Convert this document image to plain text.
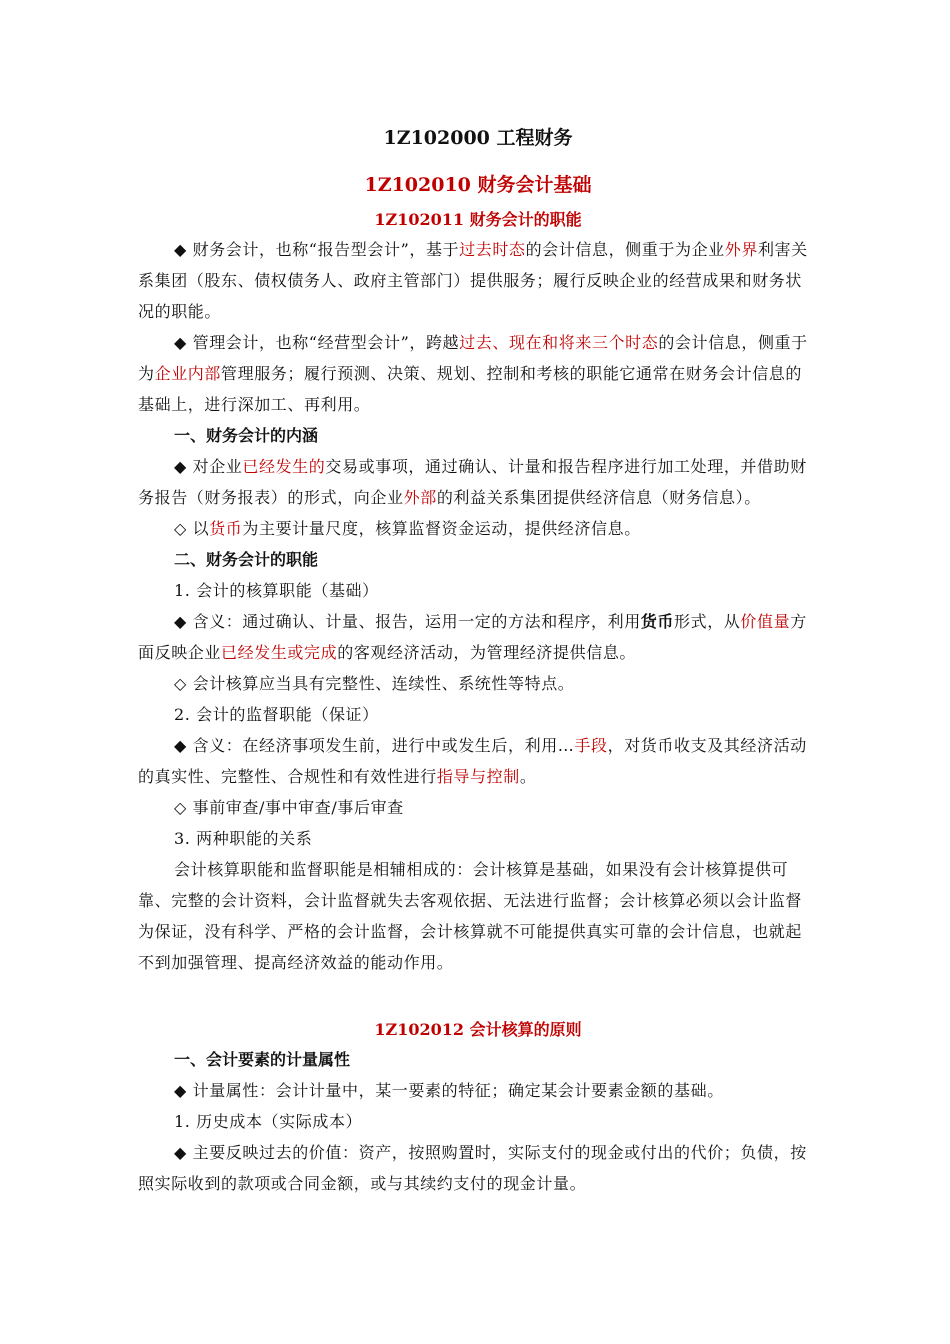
1Z102000 工程财务
1Z102010 财务会计基础
1Z102011 财务会计的职能

◆ 财务会计，也称“报告型会计”，基于过去时态的会计信息，侧重于为企业外界利害关系集团（股东、债权债务人、政府主管部门）提供服务；履行反映企业的经营成果和财务状况的职能。

◆ 管理会计，也称“经营型会计”，跨越过去、现在和将来三个时态的会计信息，侧重于为企业内部管理服务；履行预测、决策、规划、控制和考核的职能它通常在财务会计信息的基础上，进行深加工、再利用。

一、财务会计的内涵

◆ 对企业已经发生的交易或事项，通过确认、计量和报告程序进行加工处理，并借助财务报告（财务报表）的形式，向企业外部的利益关系集团提供经济信息（财务信息）。

◇ 以货币为主要计量尺度，核算监督资金运动，提供经济信息。

二、财务会计的职能

1. 会计的核算职能（基础）

◆ 含义：通过确认、计量、报告，运用一定的方法和程序，利用货币形式，从价值量方面反映企业已经发生或完成的客观经济活动，为管理经济提供信息。

◇ 会计核算应当具有完整性、连续性、系统性等特点。

2. 会计的监督职能（保证）

◆ 含义：在经济事项发生前，进行中或发生后，利用…手段，对货币收支及其经济活动的真实性、完整性、合规性和有效性进行指导与控制。

◇ 事前审查/事中审查/事后审查

3. 两种职能的关系

会计核算职能和监督职能是相辅相成的：会计核算是基础，如果没有会计核算提供可靠、完整的会计资料，会计监督就失去客观依据、无法进行监督；会计核算必须以会计监督为保证，没有科学、严格的会计监督，会计核算就不可能提供真实可靠的会计信息，也就起不到加强管理、提高经济效益的能动作用。

1Z102012 会计核算的原则
一、会计要素的计量属性

◆ 计量属性：会计计量中，某一要素的特征；确定某会计要素金额的基础。

1. 历史成本（实际成本）

◆ 主要反映过去的价值：资产，按照购置时，实际支付的现金或付出的代价；负债，按照实际收到的款项或合同金额，或与其续约支付的现金计量。
